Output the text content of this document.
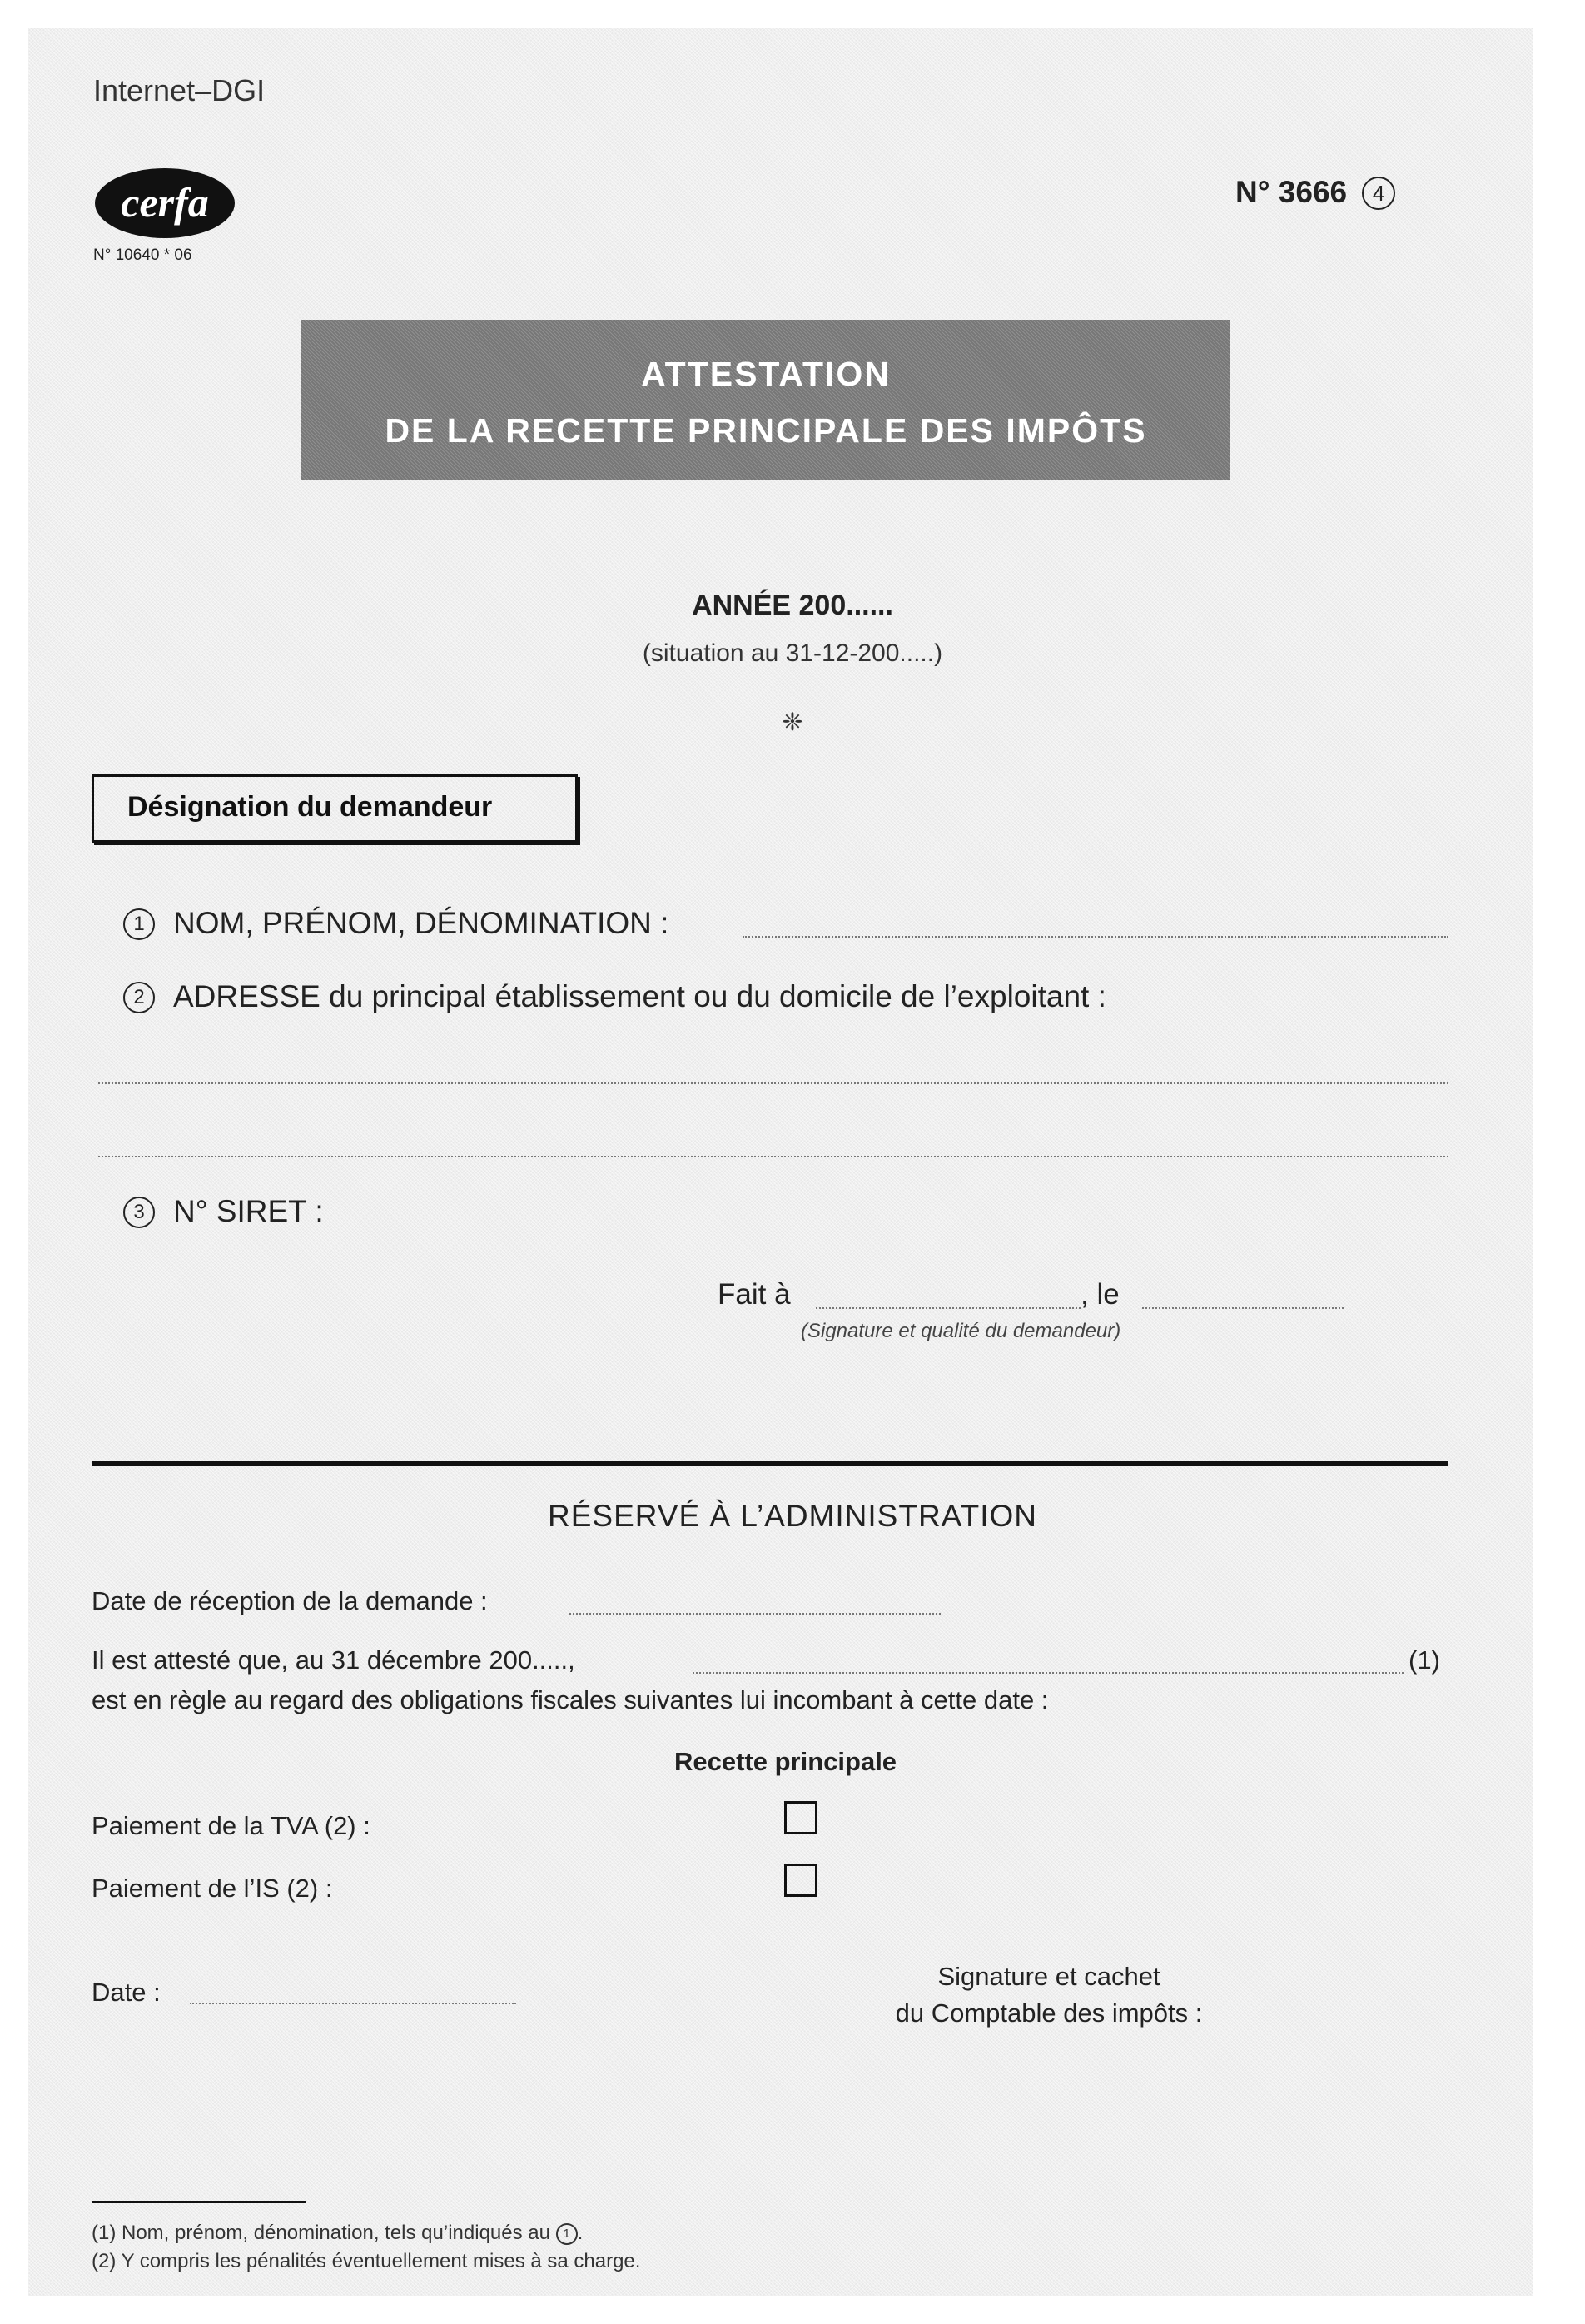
Internet–DGI
cerfa
N° 10640 * 06
N° 3666 4
ATTESTATION
DE LA RECETTE PRINCIPALE DES IMPÔTS
ANNÉE 200......
(situation au 31-12-200.....)
❈
Désignation du demandeur
1 NOM, PRÉNOM, DÉNOMINATION :
2 ADRESSE du principal établissement ou du domicile de l’exploitant :
3 N° SIRET :
Fait à	, le
(Signature et qualité du demandeur)
RÉSERVÉ À L’ADMINISTRATION
Date de réception de la demande :
Il est attesté que, au 31 décembre 200.....,	(1)
est en règle au regard des obligations fiscales suivantes lui incombant à cette date :
Recette principale
Paiement de la TVA (2) :
Paiement de l’IS (2) :
Date :
Signature et cachet
du Comptable des impôts :
(1) Nom, prénom, dénomination, tels qu’indiqués au 1 .
(2) Y compris les pénalités éventuellement mises à sa charge.
